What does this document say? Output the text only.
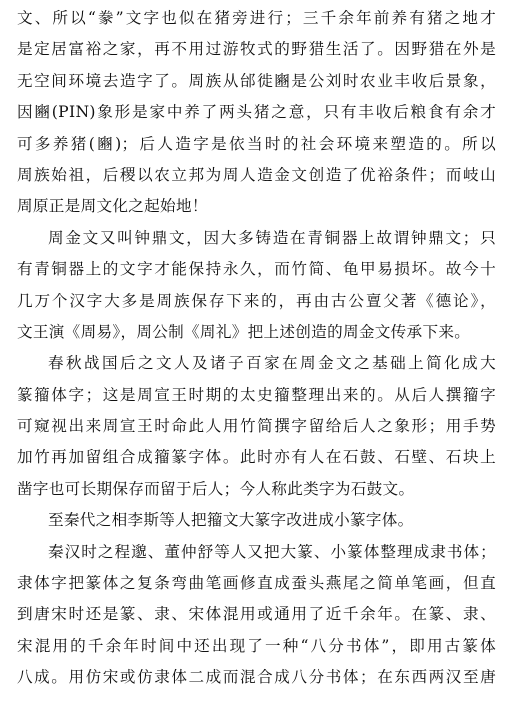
文、所以“豢”文字也似在猪旁进行；三千余年前养有猪之地才
是定居富裕之家，再不用过游牧式的野猎生活了。因野猎在外是
无空间环境去造字了。周族从邰徙豳是公刘时农业丰收后景象，
因豳(PIN)象形是家中养了两头猪之意，只有丰收后粮食有余才
可多养猪(豳)；后人造字是依当时的社会环境来塑造的。所以
周族始祖，后稷以农立邦为周人造金文创造了优裕条件；而岐山
周原正是周文化之起始地！
周金文又叫钟鼎文，因大多铸造在青铜器上故谓钟鼎文；只
有青铜器上的文字才能保持永久，而竹简、龟甲易损坏。故今十
几万个汉字大多是周族保存下来的，再由古公亶父著《德论》，
文王演《周易》，周公制《周礼》把上述创造的周金文传承下来。
春秋战国后之文人及诸子百家在周金文之基础上简化成大
篆籀体字；这是周宣王时期的太史籀整理出来的。从后人撰籀字
可窥视出来周宣王时命此人用竹简撰字留给后人之象形；用手势
加竹再加留组合成籀篆字体。此时亦有人在石鼓、石壁、石块上
凿字也可长期保存而留于后人；今人称此类字为石鼓文。
至秦代之相李斯等人把籀文大篆字改进成小篆字体。
秦汉时之程邈、董仲舒等人又把大篆、小篆体整理成隶书体；
隶体字把篆体之复条弯曲笔画修直成蚕头燕尾之简单笔画，但直
到唐宋时还是篆、隶、宋体混用或通用了近千余年。在篆、隶、
宋混用的千余年时间中还出现了一种“八分书体”，即用古篆体
八成。用仿宋或仿隶体二成而混合成八分书体；在东西两汉至唐
